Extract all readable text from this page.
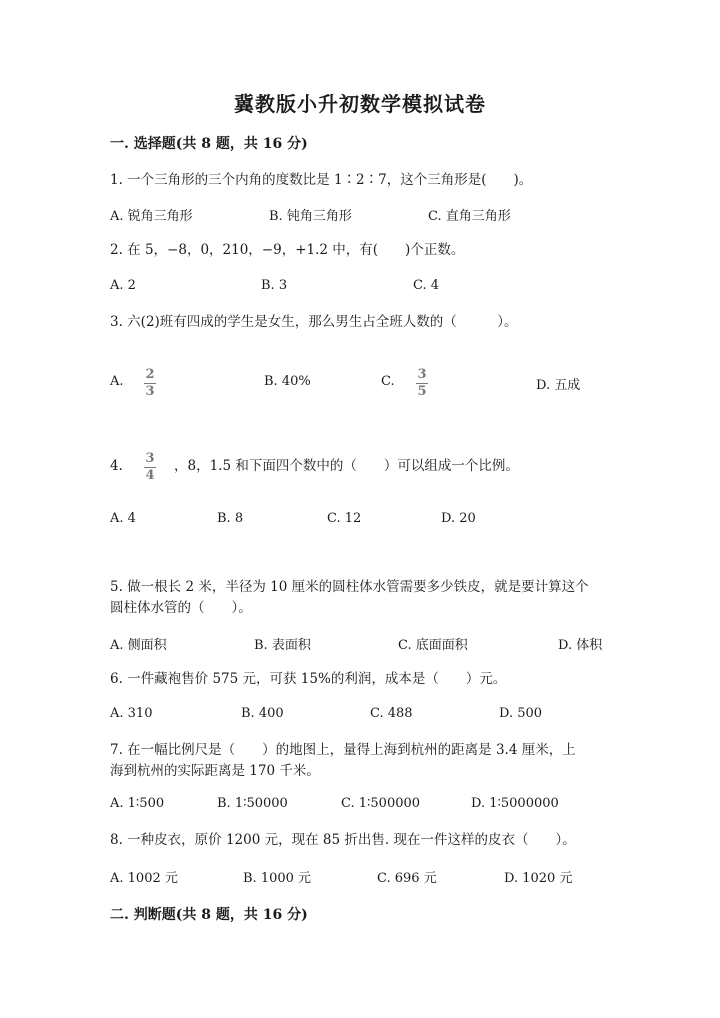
冀教版小升初数学模拟试卷
一. 选择题(共 8 题，共 16 分)
1. 一个三角形的三个内角的度数比是 1∶2∶7，这个三角形是(　　)。
A. 锐角三角形	B. 钝角三角形	C. 直角三角形
2. 在 5，−8，0，210，−9，+1.2 中，有(　　)个正数。
A. 2	B. 3	C. 4
3. 六(2)班有四成的学生是女生，那么男生占全班人数的（　　　）。
A. 2
3
B. 40%	C. 3
5	D. 五成
4. 3
4
，8，1.5 和下面四个数中的（　　）可以组成一个比例。
A. 4	B. 8	C. 12	D. 20
5. 做一根长 2 米，半径为 10 厘米的圆柱体水管需要多少铁皮，就是要计算这个
圆柱体水管的（　　）。
A. 侧面积	B. 表面积	C. 底面面积	D. 体积
6. 一件藏袍售价 575 元，可获 15%的利润，成本是（　　）元。
A. 310	B. 400	C. 488	D. 500
7. 在一幅比例尺是（　　）的地图上，量得上海到杭州的距离是 3.4 厘米，上
海到杭州的实际距离是 170 千米。
A. 1∶500	B. 1∶50000	C. 1∶500000	D. 1∶5000000
8. 一种皮衣，原价 1200 元，现在 85 折出售. 现在一件这样的皮衣（　　）。
A. 1002 元	B. 1000 元	C. 696 元	D. 1020 元
二. 判断题(共 8 题，共 16 分)
